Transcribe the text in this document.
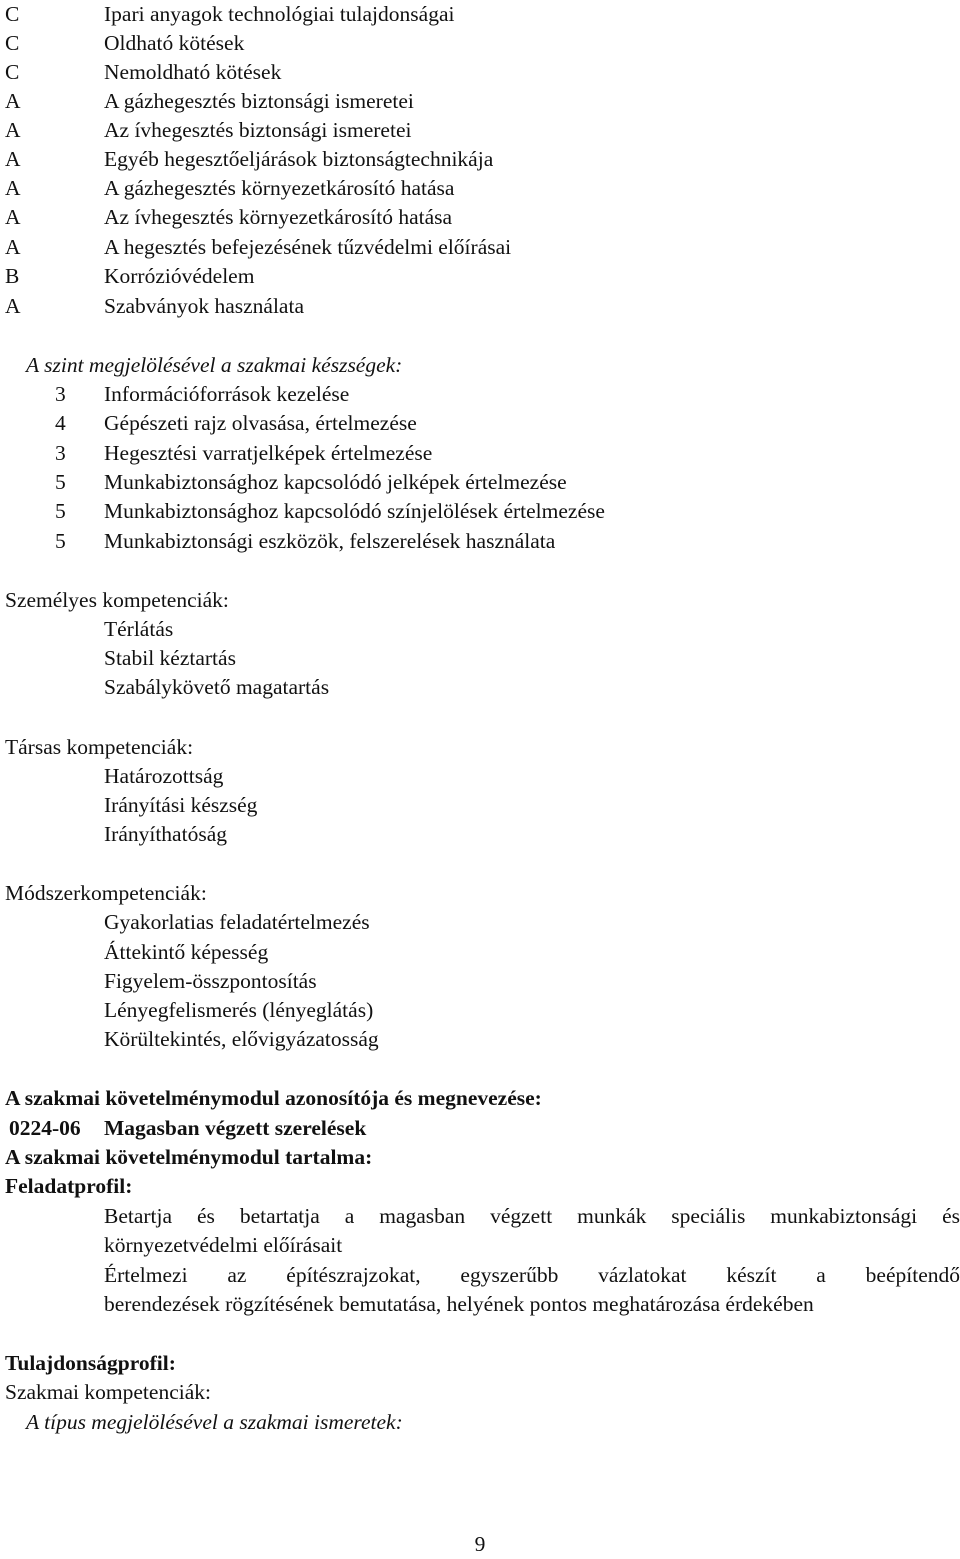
C	Ipari anyagok technológiai tulajdonságai
C	Oldható kötések
C	Nemoldható kötések
A	A gázhegesztés biztonsági ismeretei
A	Az ívhegesztés biztonsági ismeretei
A	Egyéb hegesztőeljárások biztonságtechnikája
A	A gázhegesztés környezetkárosító hatása
A	Az ívhegesztés környezetkárosító hatása
A	A hegesztés befejezésének tűzvédelmi előírásai
B	Korrózióvédelem
A	Szabványok használata
A szint megjelölésével a szakmai készségek:
3 Információforrások kezelése
4 Gépészeti rajz olvasása, értelmezése
3 Hegesztési varratjelképek értelmezése
5 Munkabiztonsághoz kapcsolódó jelképek értelmezése
5 Munkabiztonsághoz kapcsolódó színjelölések értelmezése
5 Munkabiztonsági eszközök, felszerelések használata
Személyes kompetenciák:
Térlátás
Stabil kéztartás
Szabálykövető magatartás
Társas kompetenciák:
Határozottság
Irányítási készség
Irányíthatóság
Módszerkompetenciák:
Gyakorlatias feladatértelmezés
Áttekintő képesség
Figyelem-összpontosítás
Lényegfelismerés (lényeglátás)
Körültekintés, elővigyázatosság
A szakmai követelménymodul azonosítója és megnevezése:
0224-06 Magasban végzett szerelések
A szakmai követelménymodul tartalma:
Feladatprofil:
Betartja és betartatja a magasban végzett munkák speciális munkabiztonsági és
környezetvédelmi előírásait
Értelmezi az építészrajzokat, egyszerűbb vázlatokat készít a beépítendő
berendezések rögzítésének bemutatása, helyének pontos meghatározása érdekében
Tulajdonságprofil:
Szakmai kompetenciák:
A típus megjelölésével a szakmai ismeretek:
9
